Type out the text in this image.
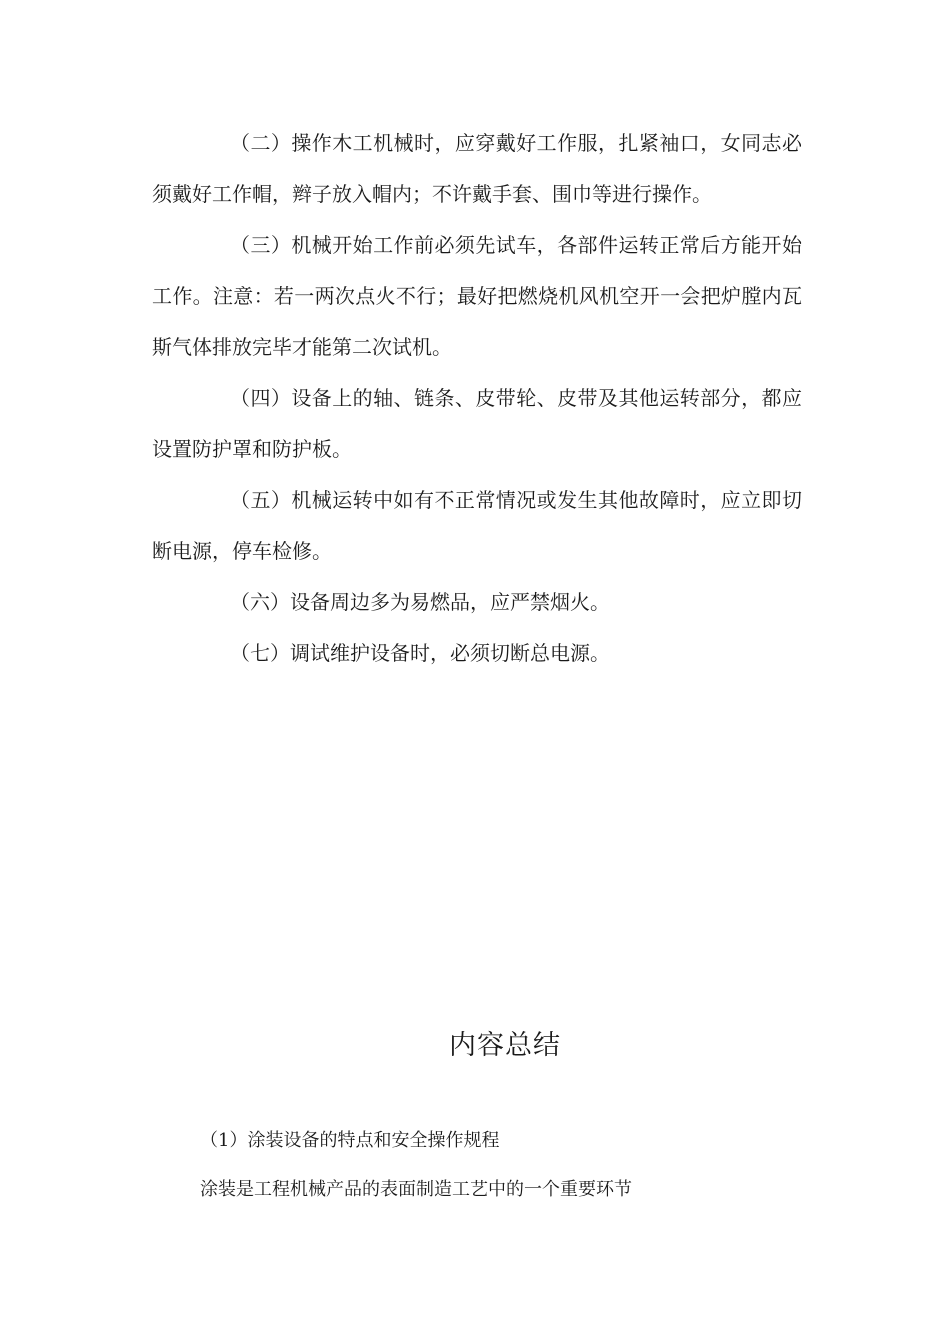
（二）操作木工机械时，应穿戴好工作服，扎紧袖口，女同志必须戴好工作帽，辫子放入帽内；不许戴手套、围巾等进行操作。

（三）机械开始工作前必须先试车，各部件运转正常后方能开始工作。注意：若一两次点火不行；最好把燃烧机风机空开一会把炉膛内瓦斯气体排放完毕才能第二次试机。

（四）设备上的轴、链条、皮带轮、皮带及其他运转部分，都应设置防护罩和防护板。

（五）机械运转中如有不正常情况或发生其他故障时，应立即切断电源，停车检修。

（六）设备周边多为易燃品，应严禁烟火。

（七）调试维护设备时，必须切断总电源。

内容总结
（1）涂装设备的特点和安全操作规程
涂装是工程机械产品的表面制造工艺中的一个重要环节
